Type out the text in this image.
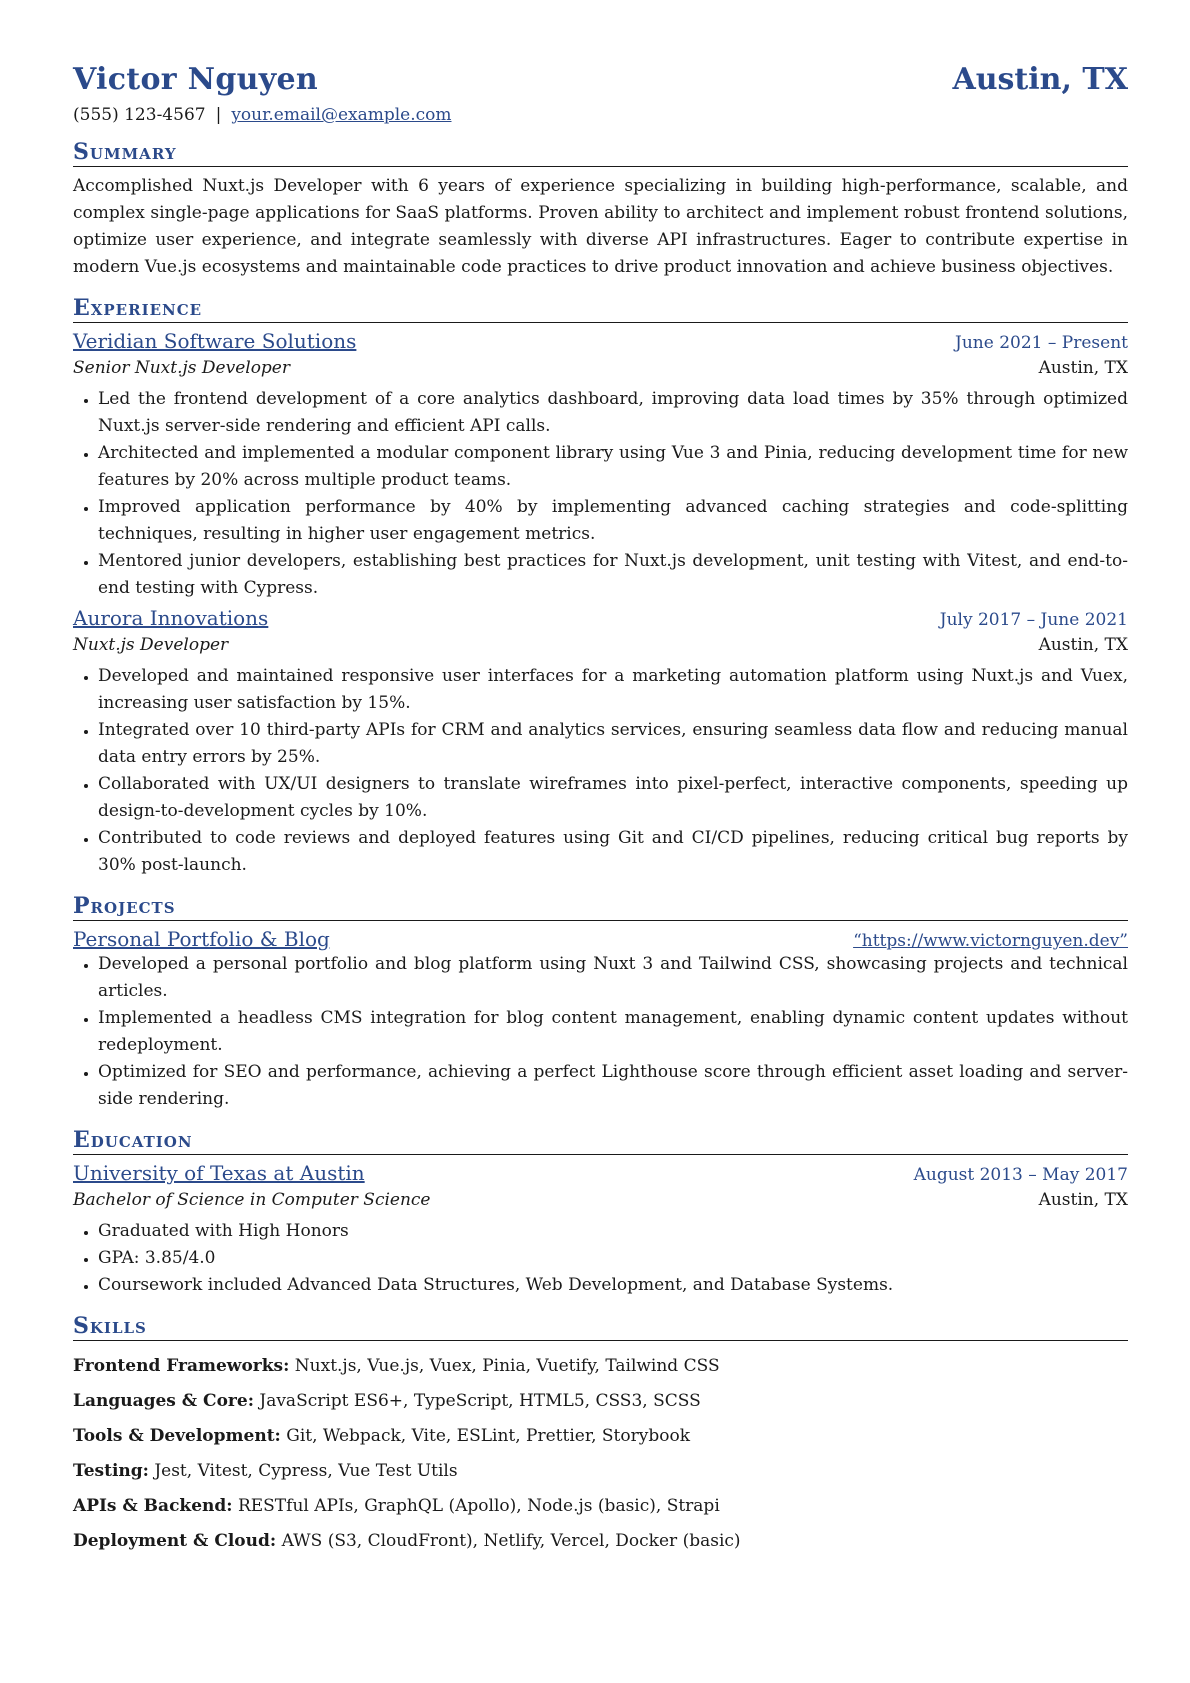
Victor Nguyen	Austin, TX
(555) 123-4567 | your.email@example.com
Summary

Accomplished Nuxt.js Developer with 6 years of experience specializing in building high-performance, scalable, and complex single-page applications for SaaS platforms. Proven ability to architect and implement robust frontend solutions, optimize user experience, and integrate seamlessly with diverse API infrastructures. Eager to contribute expertise in modern Vue.js ecosystems and maintainable code practices to drive product innovation and achieve business objectives.

Experience
Veridian Software Solutions	June 2021 – Present
Senior Nuxt.js Developer	Austin, TX
• Led the frontend development of a core analytics dashboard, improving data load times by 35% through optimized Nuxt.js server-side rendering and efficient API calls.
• Architected and implemented a modular component library using Vue 3 and Pinia, reducing development time for new features by 20% across multiple product teams.
• Improved application performance by 40% by implementing advanced caching strategies and code-splitting techniques, resulting in higher user engagement metrics.
• Mentored junior developers, establishing best practices for Nuxt.js development, unit testing with Vitest, and end-to-end testing with Cypress.
Aurora Innovations	July 2017 – June 2021
Nuxt.js Developer	Austin, TX
• Developed and maintained responsive user interfaces for a marketing automation platform using Nuxt.js and Vuex, increasing user satisfaction by 15%.
• Integrated over 10 third-party APIs for CRM and analytics services, ensuring seamless data flow and reducing manual data entry errors by 25%.
• Collaborated with UX/UI designers to translate wireframes into pixel-perfect, interactive components, speeding up design-to-development cycles by 10%.
• Contributed to code reviews and deployed features using Git and CI/CD pipelines, reducing critical bug reports by 30% post-launch.
Projects
Personal Portfolio & Blog	“https://www.victornguyen.dev”
• Developed a personal portfolio and blog platform using Nuxt 3 and Tailwind CSS, showcasing projects and technical articles.
• Implemented a headless CMS integration for blog content management, enabling dynamic content updates without redeployment.
• Optimized for SEO and performance, achieving a perfect Lighthouse score through efficient asset loading and server-side rendering.
Education
University of Texas at Austin	August 2013 – May 2017
Bachelor of Science in Computer Science	Austin, TX
• Graduated with High Honors
• GPA: 3.85/4.0
• Coursework included Advanced Data Structures, Web Development, and Database Systems.
Skills
Frontend Frameworks: Nuxt.js, Vue.js, Vuex, Pinia, Vuetify, Tailwind CSS
Languages & Core: JavaScript ES6+, TypeScript, HTML5, CSS3, SCSS
Tools & Development: Git, Webpack, Vite, ESLint, Prettier, Storybook
Testing: Jest, Vitest, Cypress, Vue Test Utils
APIs & Backend: RESTful APIs, GraphQL (Apollo), Node.js (basic), Strapi
Deployment & Cloud: AWS (S3, CloudFront), Netlify, Vercel, Docker (basic)
